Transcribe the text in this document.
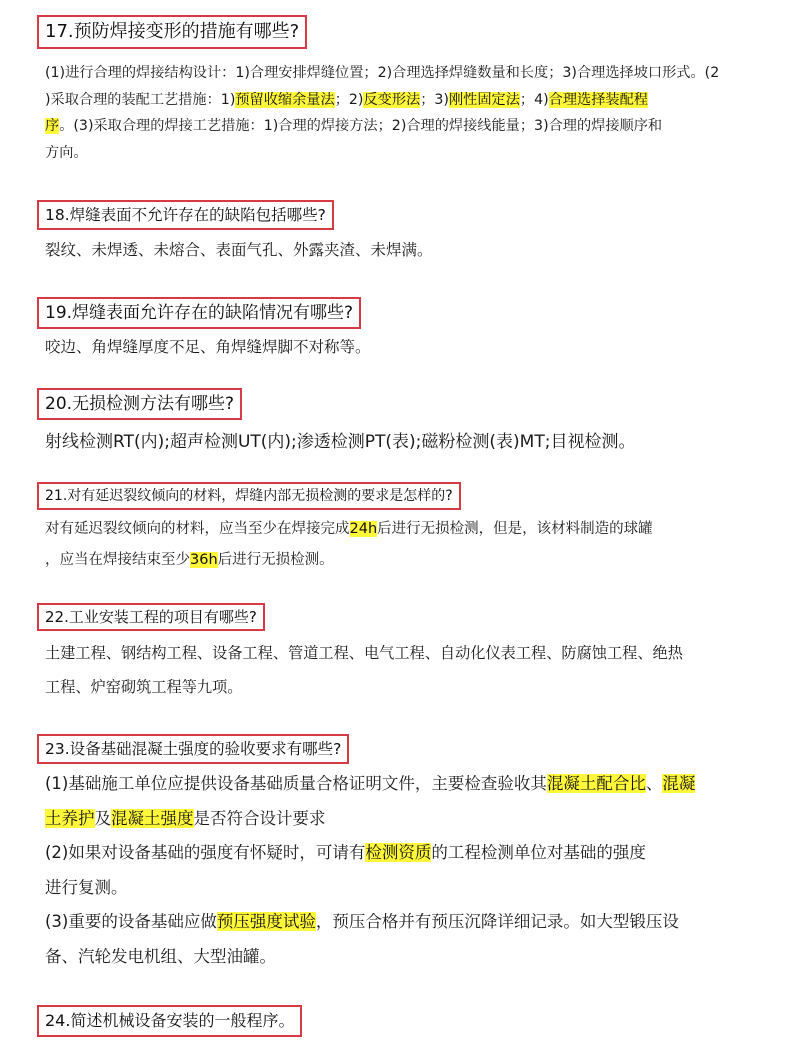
17.预防焊接变形的措施有哪些?
(1)进行合理的焊接结构设计：1)合理安排焊缝位置；2)合理选择焊缝数量和长度；3)合理选择坡口形式。(2
)采取合理的装配工艺措施：1)预留收缩余量法；2)反变形法；3)刚性固定法；4)合理选择装配程
序。(3)采取合理的焊接工艺措施：1)合理的焊接方法；2)合理的焊接线能量；3)合理的焊接顺序和
方向。
18.焊缝表面不允许存在的缺陷包括哪些?
裂纹、未焊透、未熔合、表面气孔、外露夹渣、未焊满。
19.焊缝表面允许存在的缺陷情况有哪些?
咬边、角焊缝厚度不足、角焊缝焊脚不对称等。
20.无损检测方法有哪些?
射线检测RT(内);超声检测UT(内);渗透检测PT(表);磁粉检测(表)MT;目视检测。
21.对有延迟裂纹倾向的材料，焊缝内部无损检测的要求是怎样的?
对有延迟裂纹倾向的材料，应当至少在焊接完成24h后进行无损检测，但是，该材料制造的球罐
，应当在焊接结束至少36h后进行无损检测。
22.工业安装工程的项目有哪些?
土建工程、钢结构工程、设备工程、管道工程、电气工程、自动化仪表工程、防腐蚀工程、绝热
工程、炉窑砌筑工程等九项。
23.设备基础混凝土强度的验收要求有哪些?
(1)基础施工单位应提供设备基础质量合格证明文件，主要检查验收其混凝土配合比、混凝
土养护及混凝土强度是否符合设计要求
(2)如果对设备基础的强度有怀疑时，可请有检测资质的工程检测单位对基础的强度
进行复测。
(3)重要的设备基础应做预压强度试验，预压合格并有预压沉降详细记录。如大型锻压设
备、汽轮发电机组、大型油罐。
24.简述机械设备安装的一般程序。
